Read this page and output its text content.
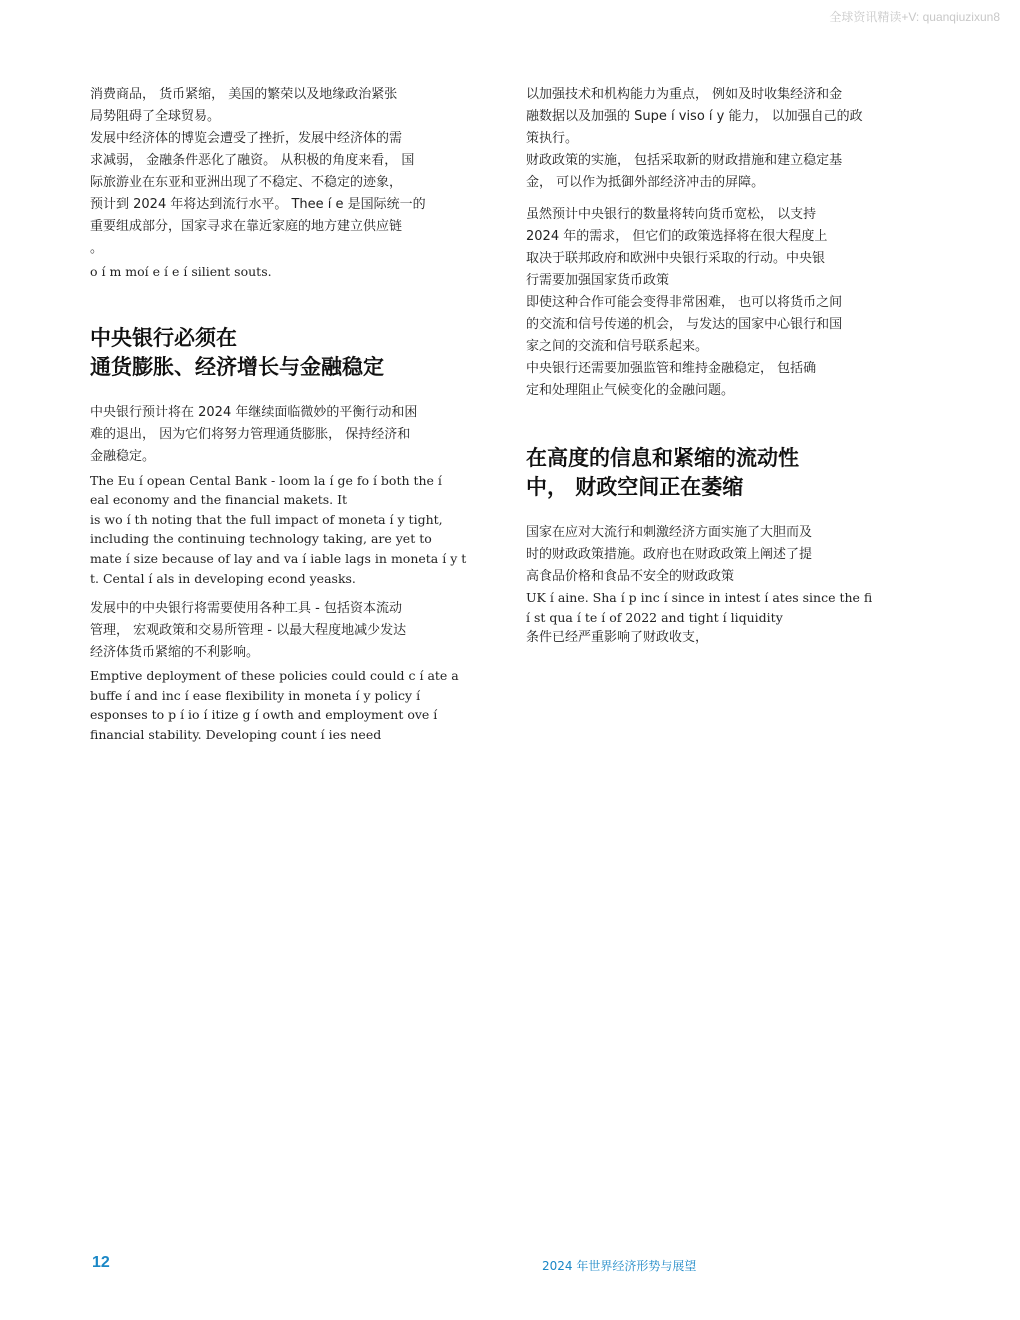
全球资讯精读+V: quanqiuzixun8

消费商品， 货币紧缩， 美国的繁荣以及地缘政治紧张
局势阻碍了全球贸易。

发展中经济体的博览会遭受了挫折，发展中经济体的需
求减弱， 金融条件恶化了融资。 从积极的角度来看， 国
际旅游业在东亚和亚洲出现了不稳定、不稳定的迹象，
预计到 2024 年将达到流行水平。 Thee í e 是国际统一的
重要组成部分，国家寻求在靠近家庭的地方建立供应链
。

o í m moí e í e í silient souts.

中央银行必须在
通货膨胀、经济增长与金融稳定

中央银行预计将在 2024 年继续面临微妙的平衡行动和困
难的退出， 因为它们将努力管理通货膨胀， 保持经济和
金融稳定。

The Eu í opean Cental Bank - loom la í ge fo í both the í
eal economy and the financial makets. It
is wo í th noting that the full impact of moneta í y tight,
including the continuing technology taking, are yet to
mate í size because of lay and va í iable lags in moneta í y t
t. Cental í als in developing econd yeasks.

发展中的中央银行将需要使用各种工具 - 包括资本流动
管理， 宏观政策和交易所管理 - 以最大程度地减少发达
经济体货币紧缩的不利影响。

Emptive deployment of these policies could could c í ate a
buffe í and inc í ease flexibility in moneta í y policy í
esponses to p í io í itize g í owth and employment ove í
financial stability. Developing count í ies need

以加强技术和机构能力为重点， 例如及时收集经济和金
融数据以及加强的 Supe í viso í y 能力， 以加强自己的政
策执行。

财政政策的实施， 包括采取新的财政措施和建立稳定基
金， 可以作为抵御外部经济冲击的屏障。

虽然预计中央银行的数量将转向货币宽松， 以支持
2024 年的需求， 但它们的政策选择将在很大程度上
取决于联邦政府和欧洲中央银行采取的行动。中央银
行需要加强国家货币政策

即使这种合作可能会变得非常困难， 也可以将货币之间
的交流和信号传递的机会， 与发达的国家中心银行和国
家之间的交流和信号联系起来。

中央银行还需要加强监管和维持金融稳定， 包括确
定和处理阻止气候变化的金融问题。

在高度的信息和紧缩的流动性
中， 财政空间正在萎缩

国家在应对大流行和刺激经济方面实施了大胆而及
时的财政政策措施。政府也在财政政策上阐述了提
高食品价格和食品不安全的财政政策

UK í aine. Sha í p inc í since in intest í ates since the fi
í st qua í te í of 2022 and tight í liquidity

条件已经严重影响了财政收支，

12	2024 年世界经济形势与展望
